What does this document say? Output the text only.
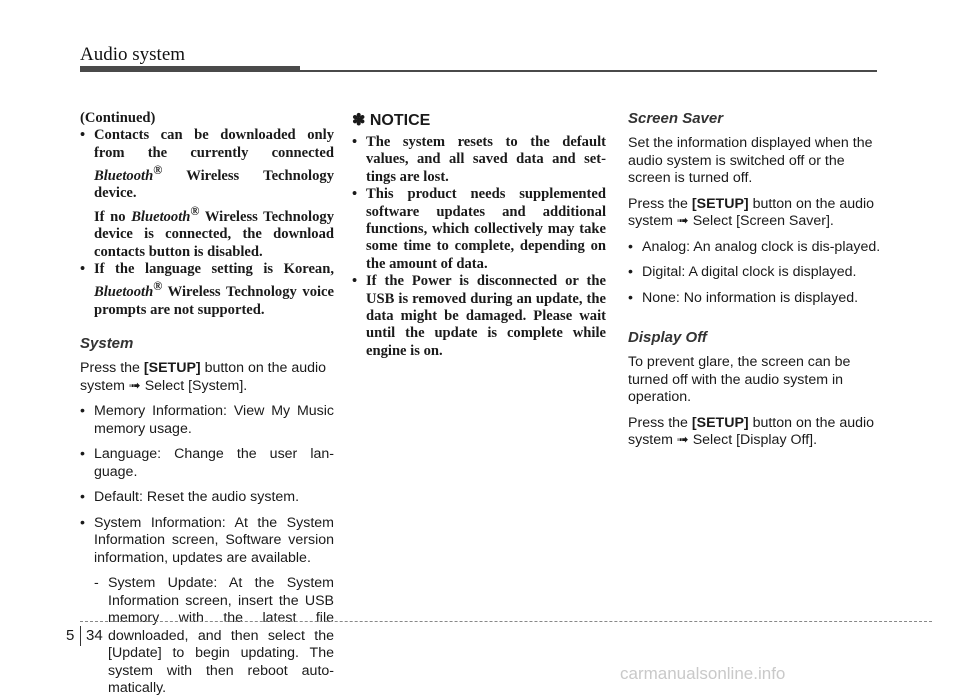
Audio system

(Continued)

• Contacts can be downloaded only from the currently connected Bluetooth® Wireless Technology device.
If no Bluetooth® Wireless Technology device is connected, the download contacts button is disabled.

• If the language setting is Korean, Bluetooth® Wireless Technology voice prompts are not supported.

System

Press the [SETUP] button on the audio system ➟ Select [System].

• Memory Information: View My Music memory usage.

• Language: Change the user lan-guage.

• Default: Reset the audio system.

• System Information: At the System Information screen, Software version information, updates are available.

- System Update: At the System Information screen, insert the USB memory with the latest file downloaded, and then select the [Update] to begin updating. The system with then reboot auto-matically.

✽ NOTICE

• The system resets to the default values, and all saved data and set-tings are lost.

• This product needs supplemented software updates and additional functions, which collectively may take some time to complete, depending on the amount of data.

• If the Power is disconnected or the USB is removed during an update, the data might be damaged. Please wait until the update is complete while engine is on.

Screen Saver

Set the information displayed when the audio system is switched off or the screen is turned off.

Press the [SETUP] button on the audio system ➟ Select [Screen Saver].

• Analog: An analog clock is dis-played.

• Digital: A digital clock is displayed.

• None: No information is displayed.

Display Off

To prevent glare, the screen can be turned off with the audio system in operation.

Press the [SETUP] button on the audio system ➟ Select [Display Off].

5 34
carmanualsonline.info
